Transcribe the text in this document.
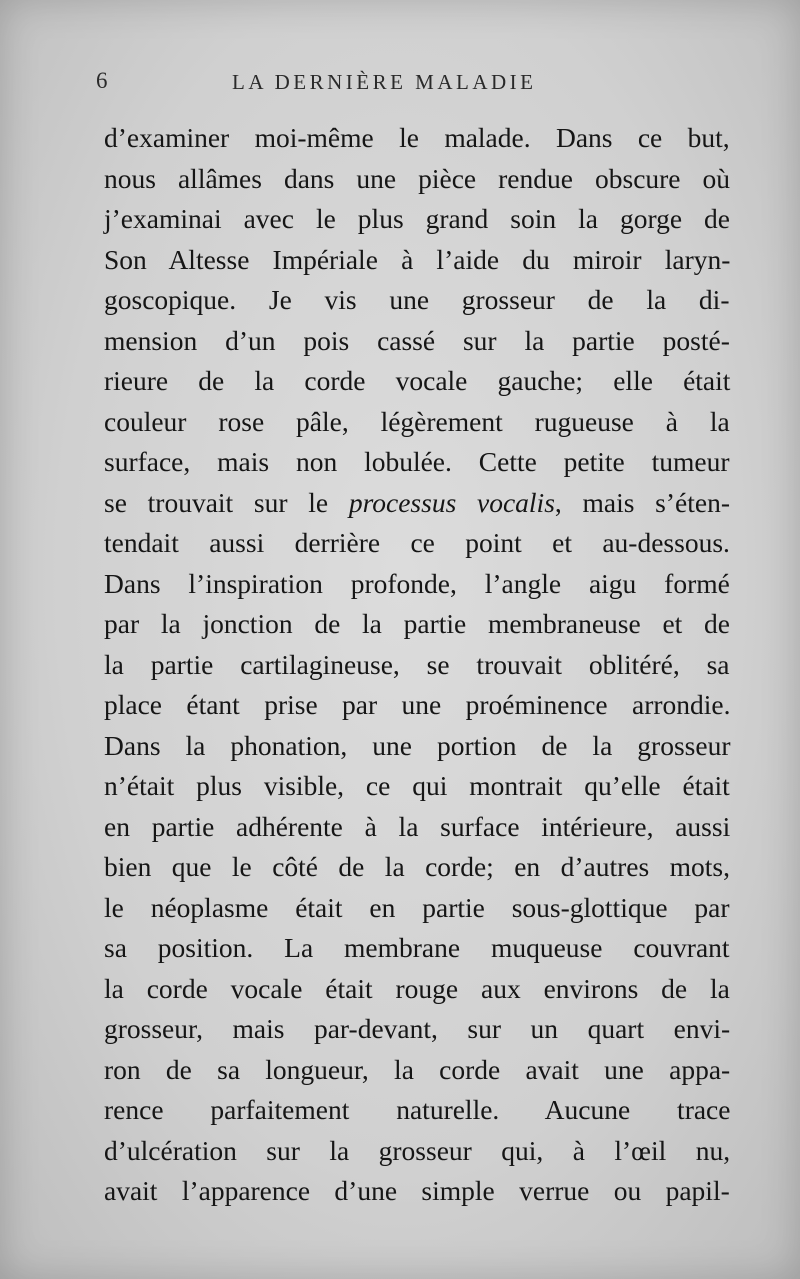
6	LA DERNIÈRE MALADIE
d’examiner moi-même le malade. Dans ce but,
nous allâmes dans une pièce rendue obscure où
j’examinai avec le plus grand soin la gorge de
Son Altesse Impériale à l’aide du miroir laryn-
goscopique. Je vis une grosseur de la di-
mension d’un pois cassé sur la partie posté-
rieure de la corde vocale gauche; elle était
couleur rose pâle, légèrement rugueuse à la
surface, mais non lobulée. Cette petite tumeur
se trouvait sur le processus vocalis, mais s’éten-
tendait aussi derrière ce point et au-dessous.
Dans l’inspiration profonde, l’angle aigu formé
par la jonction de la partie membraneuse et de
la partie cartilagineuse, se trouvait oblitéré, sa
place étant prise par une proéminence arrondie.
Dans la phonation, une portion de la grosseur
n’était plus visible, ce qui montrait qu’elle était
en partie adhérente à la surface intérieure, aussi
bien que le côté de la corde; en d’autres mots,
le néoplasme était en partie sous-glottique par
sa position. La membrane muqueuse couvrant
la corde vocale était rouge aux environs de la
grosseur, mais par-devant, sur un quart envi-
ron de sa longueur, la corde avait une appa-
rence parfaitement naturelle. Aucune trace
d’ulcération sur la grosseur qui, à l’œil nu,
avait l’apparence d’une simple verrue ou papil-
